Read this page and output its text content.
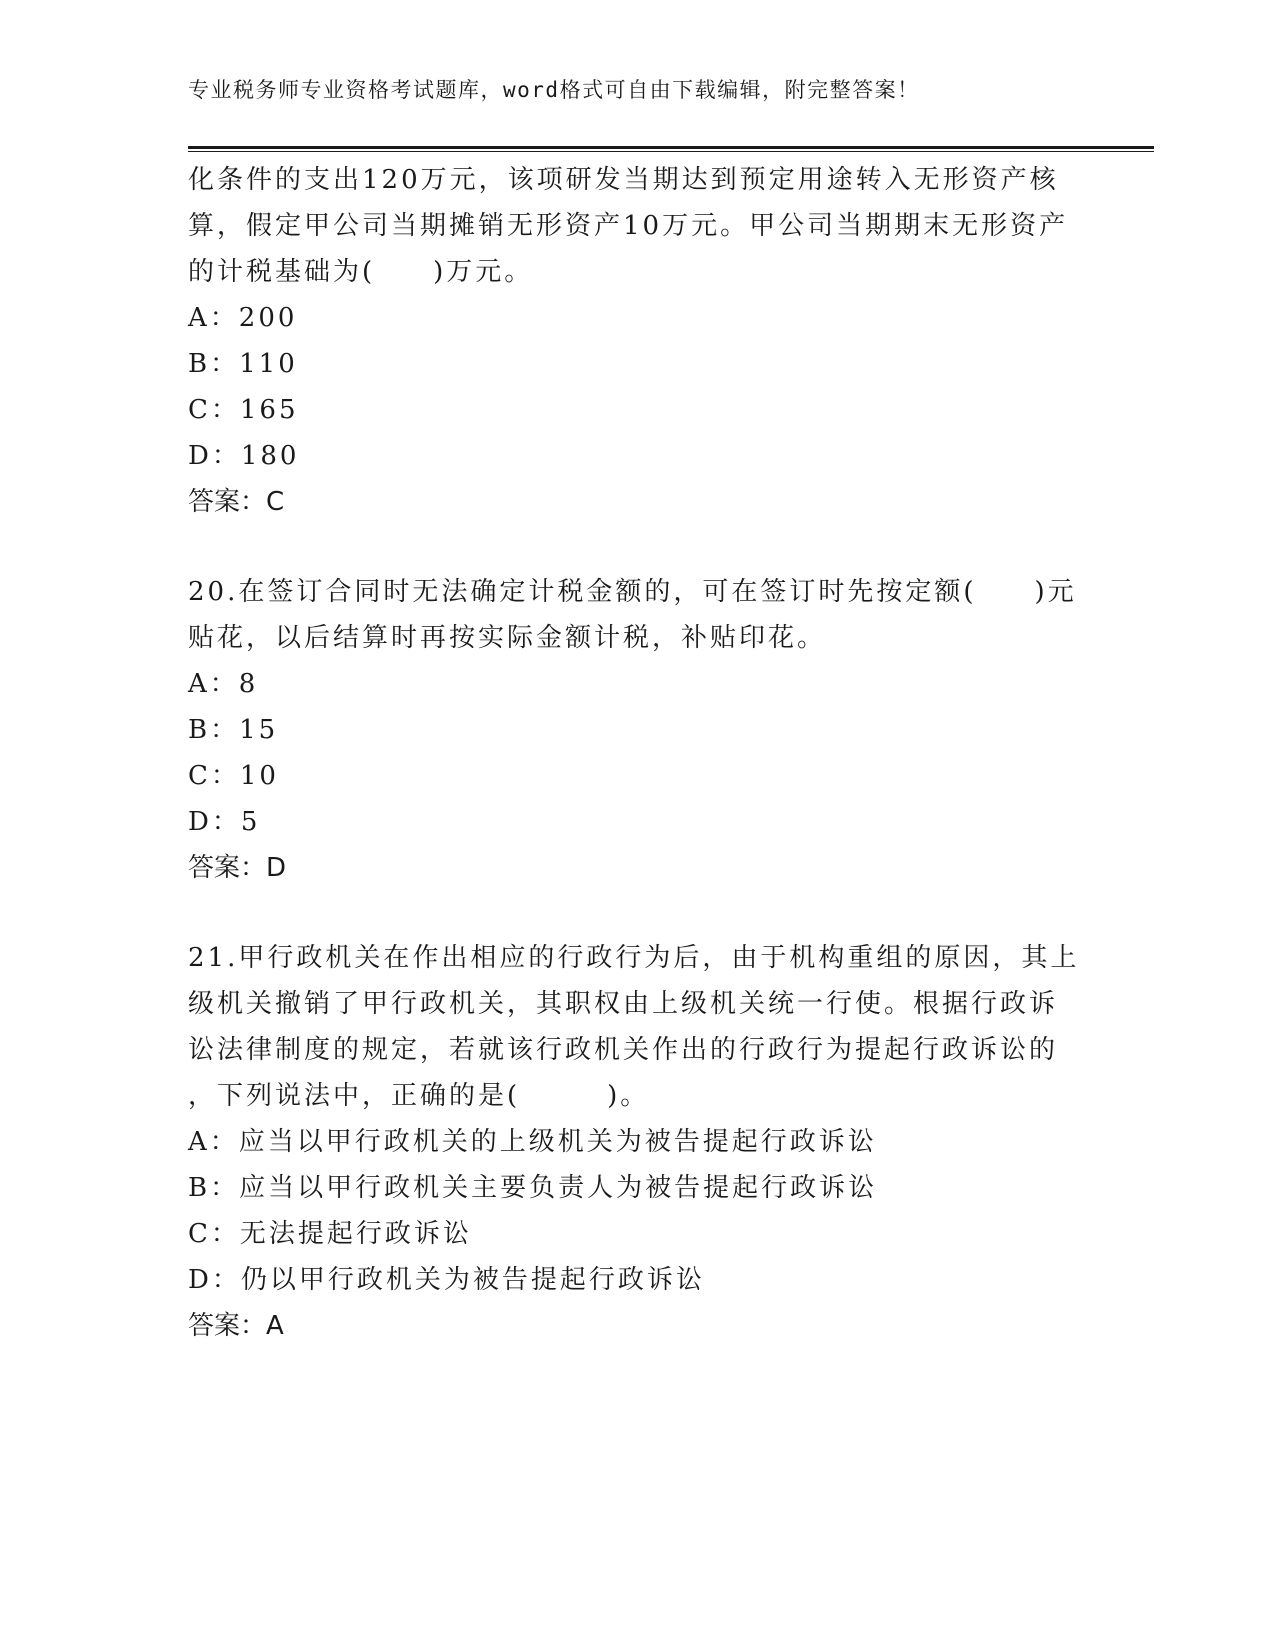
专业税务师专业资格考试题库，word格式可自由下载编辑，附完整答案！
化条件的支出120万元，该项研发当期达到预定用途转入无形资产核
算，假定甲公司当期摊销无形资产10万元。甲公司当期期末无形资产
的计税基础为(　　)万元。
A：200
B：110
C：165
D：180
答案：C
20.在签订合同时无法确定计税金额的，可在签订时先按定额(　　)元
贴花，以后结算时再按实际金额计税，补贴印花。
A：8
B：15
C：10
D：5
答案：D
21.甲行政机关在作出相应的行政行为后，由于机构重组的原因，其上
级机关撤销了甲行政机关，其职权由上级机关统一行使。根据行政诉
讼法律制度的规定，若就该行政机关作出的行政行为提起行政诉讼的
，下列说法中，正确的是(　　　)。
A：应当以甲行政机关的上级机关为被告提起行政诉讼
B：应当以甲行政机关主要负责人为被告提起行政诉讼
C：无法提起行政诉讼
D：仍以甲行政机关为被告提起行政诉讼
答案：A
